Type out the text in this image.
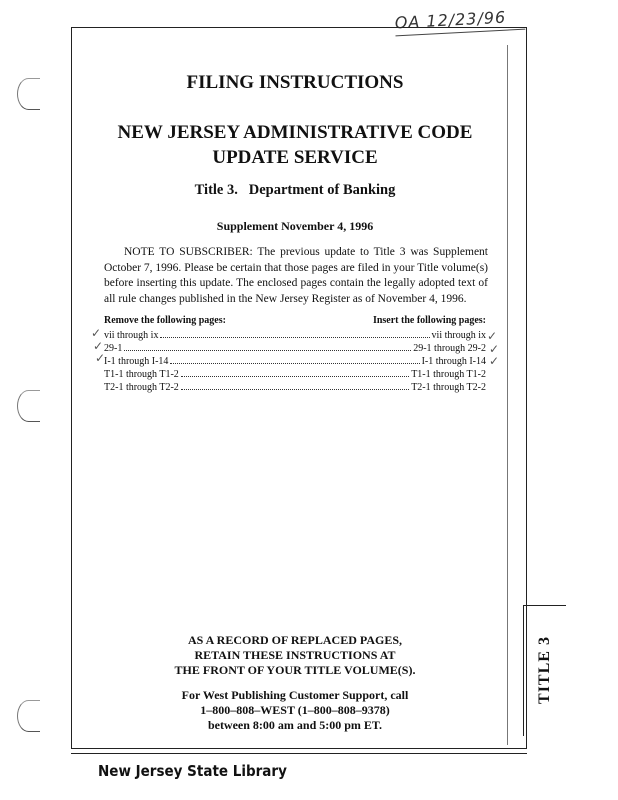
OA 12/23/96
TITLE 3
FILING INSTRUCTIONS
NEW JERSEY ADMINISTRATIVE CODE
UPDATE SERVICE
Title 3.   Department of Banking
Supplement November 4, 1996
NOTE TO SUBSCRIBER: The previous update to Title 3 was Supplement October 7, 1996. Please be certain that those pages are filed in your Title volume(s) before inserting this update. The enclosed pages contain the legally adopted text of all rule changes published in the New Jersey Register as of November 4, 1996.
Remove the following pages:	Insert the following pages:
vii through ix	vii through ix
29-1	29-1 through 29-2
I-1 through I-14	I-1 through I-14
T1-1 through T1-2	T1-1 through T1-2
T2-1 through T2-2	T2-1 through T2-2
✓
✓
✓
✓
✓
✓
AS A RECORD OF REPLACED PAGES,
RETAIN THESE INSTRUCTIONS AT
THE FRONT OF YOUR TITLE VOLUME(S).
For West Publishing Customer Support, call
1–800–808–WEST (1–800–808–9378)
between 8:00 am and 5:00 pm ET.
New Jersey State Library
